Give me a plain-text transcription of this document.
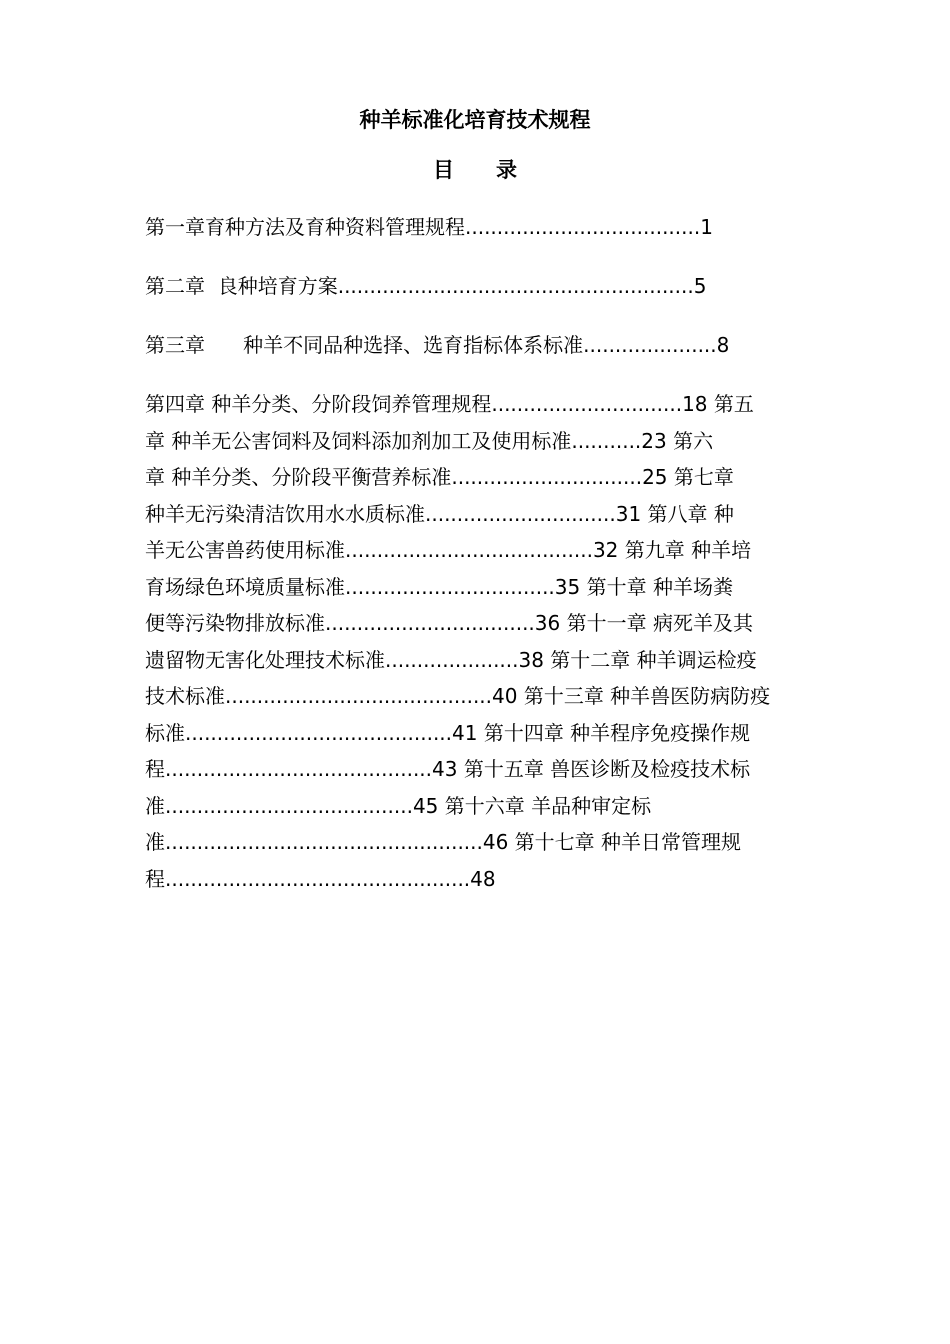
种羊标准化培育技术规程
目 录
第一章育种方法及育种资料管理规程.....................................1
第二章  良种培育方案........................................................5
第三章      种羊不同品种选择、选育指标体系标准.....................8
第四章 种羊分类、分阶段饲养管理规程..............................18 第五
章 种羊无公害饲料及饲料添加剂加工及使用标准...........23 第六
章 种羊分类、分阶段平衡营养标准..............................25 第七章
种羊无污染清洁饮用水水质标准..............................31 第八章 种
羊无公害兽药使用标准.......................................32 第九章 种羊培
育场绿色环境质量标准.................................35 第十章 种羊场粪
便等污染物排放标准.................................36 第十一章 病死羊及其
遗留物无害化处理技术标准.....................38 第十二章 种羊调运检疫
技术标准..........................................40 第十三章 种羊兽医防病防疫
标准..........................................41 第十四章 种羊程序免疫操作规
程..........................................43 第十五章 兽医诊断及检疫技术标
准.......................................45 第十六章 羊品种审定标
准..................................................46 第十七章 种羊日常管理规
程................................................48
